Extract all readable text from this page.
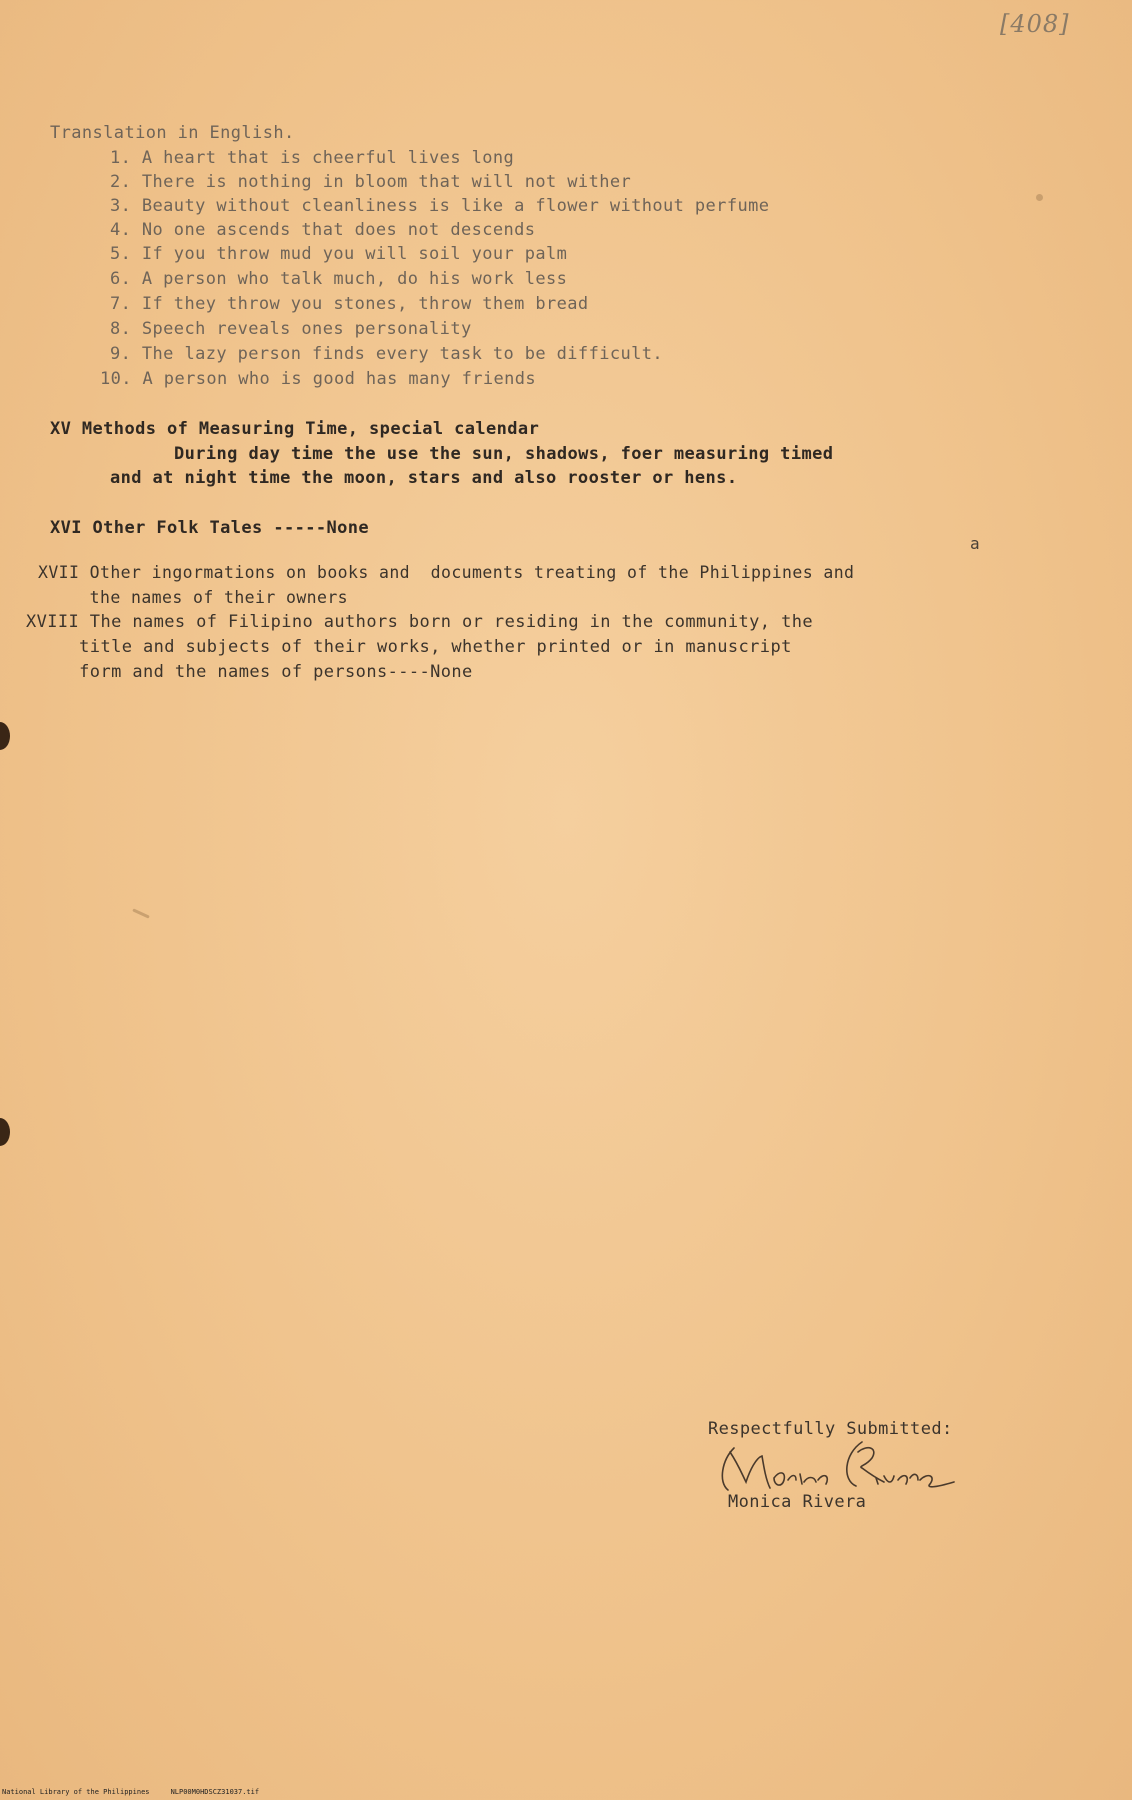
[408]

Translation in English.

1. A heart that is cheerful lives long

2. There is nothing in bloom that will not wither

3. Beauty without cleanliness is like a flower without perfume

4. No one ascends that does not descends

5. If you throw mud you will soil your palm

6. A person who talk much, do his work less

7. If they throw you stones, throw them bread

8. Speech reveals ones personality

9. The lazy person finds every task to be difficult.

10. A person who is good has many friends

XV Methods of Measuring Time, special calendar

During day time the use the sun, shadows, foer measuring timed

and at night time the moon, stars and also rooster or hens.

XVI Other Folk Tales -----None

a

XVII Other ingormations on books and  documents treating of the Philippines and

the names of their owners

XVIII The names of Filipino authors born or residing in the community, the

title and subjects of their works, whether printed or in manuscript

form and the names of persons----None

Respectfully Submitted:

Monica Rivera

National Library of the Philippines     NLP00M0HDSCZ31037.tif
